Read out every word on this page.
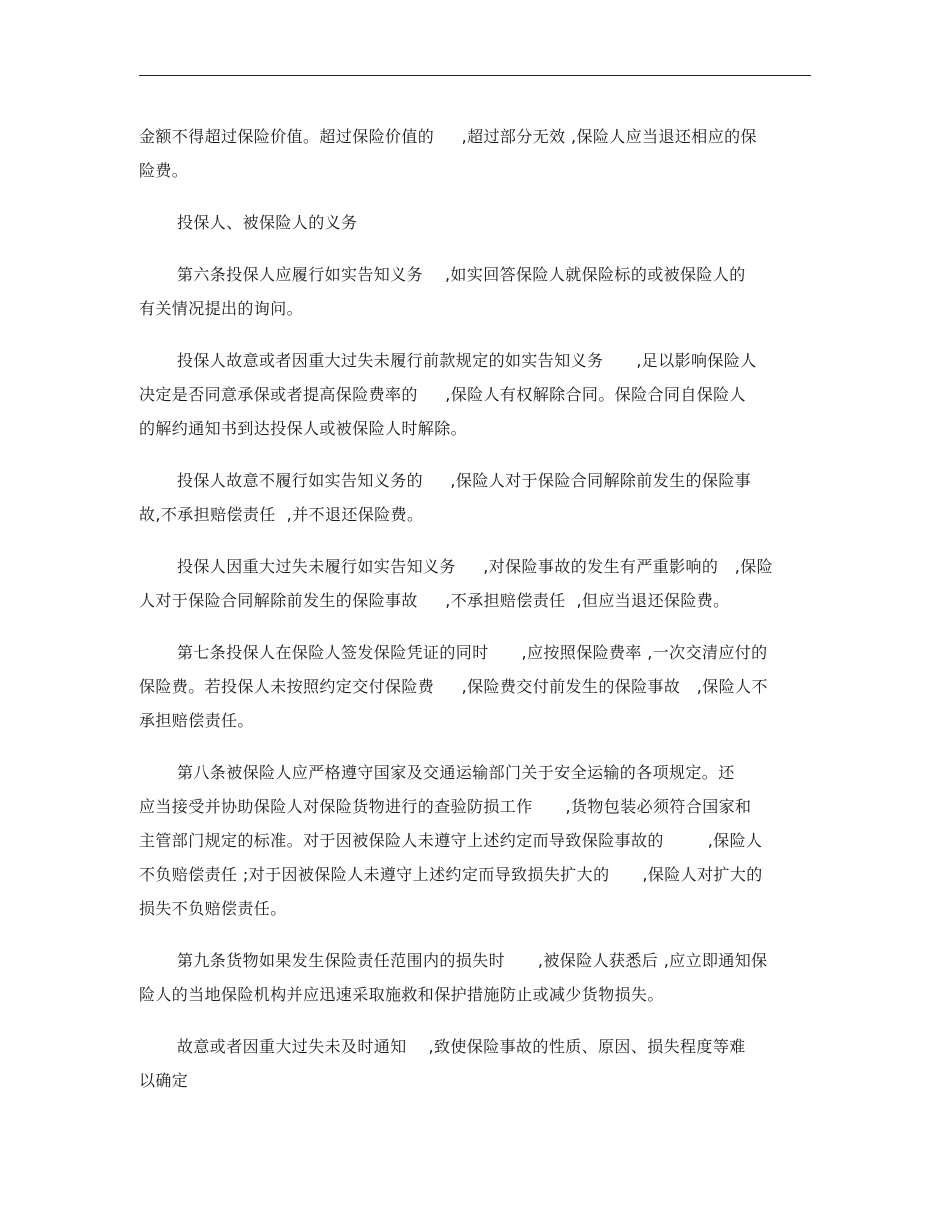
金额不得超过保险价值。超过保险价值的     ,超过部分无效 ,保险人应当退还相应的保
险费。

投保人、被保险人的义务

第六条投保人应履行如实告知义务    ,如实回答保险人就保险标的或被保险人的
有关情况提出的询问。

投保人故意或者因重大过失未履行前款规定的如实告知义务      ,足以影响保险人
决定是否同意承保或者提高保险费率的     ,保险人有权解除合同。保险合同自保险人
的解约通知书到达投保人或被保险人时解除。

投保人故意不履行如实告知义务的     ,保险人对于保险合同解除前发生的保险事
故,不承担赔偿责任  ,并不退还保险费。

投保人因重大过失未履行如实告知义务     ,对保险事故的发生有严重影响的   ,保险
人对于保险合同解除前发生的保险事故     ,不承担赔偿责任  ,但应当退还保险费。

第七条投保人在保险人签发保险凭证的同时      ,应按照保险费率 ,一次交清应付的
保险费。若投保人未按照约定交付保险费     ,保险费交付前发生的保险事故   ,保险人不
承担赔偿责任。

第八条被保险人应严格遵守国家及交通运输部门关于安全运输的各项规定。还
应当接受并协助保险人对保险货物进行的查验防损工作      ,货物包装必须符合国家和
主管部门规定的标准。对于因被保险人未遵守上述约定而导致保险事故的        ,保险人
不负赔偿责任 ;对于因被保险人未遵守上述约定而导致损失扩大的      ,保险人对扩大的
损失不负赔偿责任。

第九条货物如果发生保险责任范围内的损失时      ,被保险人获悉后 ,应立即通知保
险人的当地保险机构并应迅速采取施救和保护措施防止或减少货物损失。

故意或者因重大过失未及时通知    ,致使保险事故的性质、原因、损失程度等难
以确定
